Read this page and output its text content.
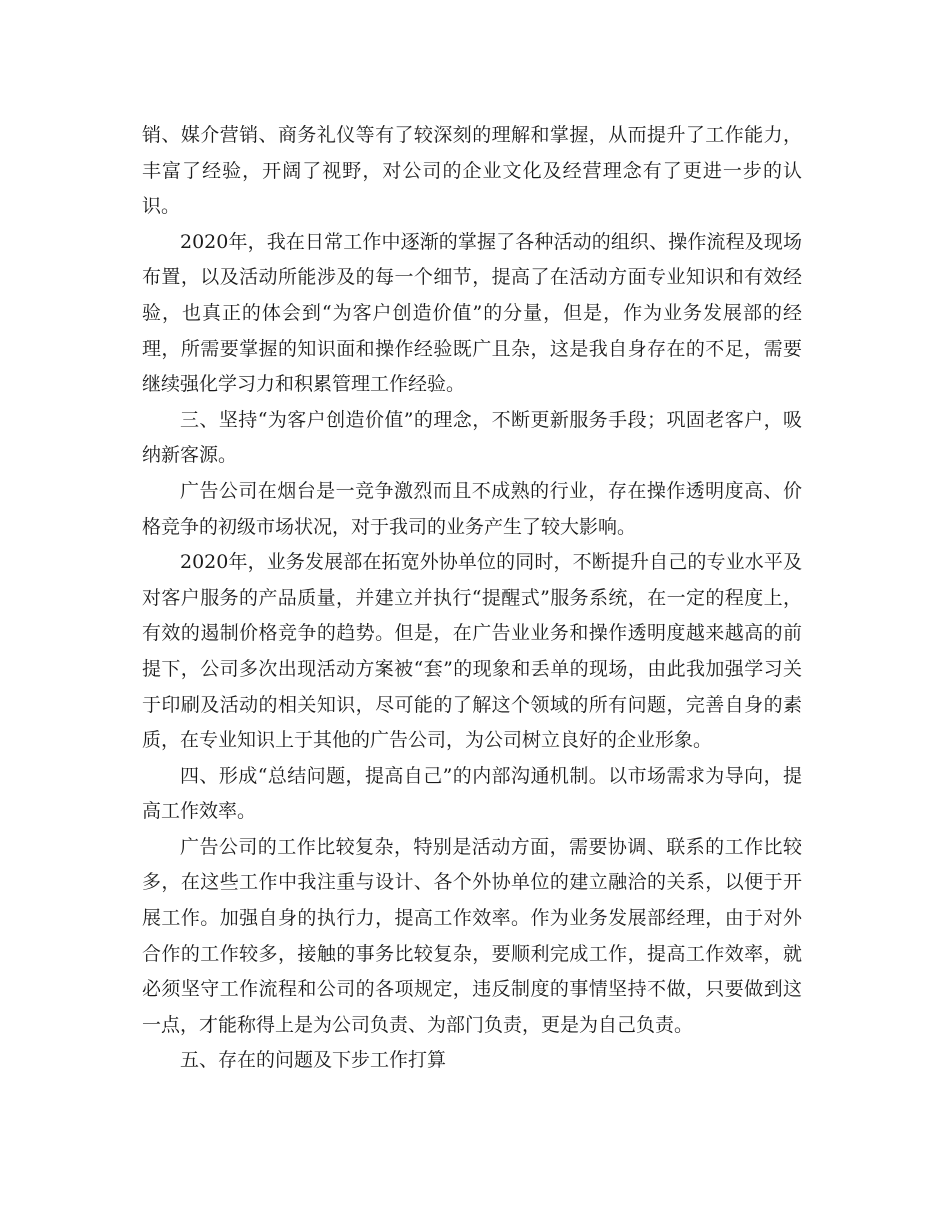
销、媒介营销、商务礼仪等有了较深刻的理解和掌握，从而提升了工作能力，丰富了经验，开阔了视野，对公司的企业文化及经营理念有了更进一步的认识。

2020年，我在日常工作中逐渐的掌握了各种活动的组织、操作流程及现场布置，以及活动所能涉及的每一个细节，提高了在活动方面专业知识和有效经验，也真正的体会到“为客户创造价值”的分量，但是，作为业务发展部的经理，所需要掌握的知识面和操作经验既广且杂，这是我自身存在的不足，需要继续强化学习力和积累管理工作经验。

三、坚持“为客户创造价值”的理念，不断更新服务手段；巩固老客户，吸纳新客源。

广告公司在烟台是一竞争激烈而且不成熟的行业，存在操作透明度高、价格竞争的初级市场状况，对于我司的业务产生了较大影响。

2020年，业务发展部在拓宽外协单位的同时，不断提升自己的专业水平及对客户服务的产品质量，并建立并执行“提醒式”服务系统，在一定的程度上，有效的遏制价格竞争的趋势。但是，在广告业业务和操作透明度越来越高的前提下，公司多次出现活动方案被“套”的现象和丢单的现场，由此我加强学习关于印刷及活动的相关知识，尽可能的了解这个领域的所有问题，完善自身的素质，在专业知识上于其他的广告公司，为公司树立良好的企业形象。

四、形成“总结问题，提高自己”的内部沟通机制。以市场需求为导向，提高工作效率。

广告公司的工作比较复杂，特别是活动方面，需要协调、联系的工作比较多，在这些工作中我注重与设计、各个外协单位的建立融洽的关系，以便于开展工作。加强自身的执行力，提高工作效率。作为业务发展部经理，由于对外合作的工作较多，接触的事务比较复杂，要顺利完成工作，提高工作效率，就必须坚守工作流程和公司的各项规定，违反制度的事情坚持不做，只要做到这一点，才能称得上是为公司负责、为部门负责，更是为自己负责。

五、存在的问题及下步工作打算
